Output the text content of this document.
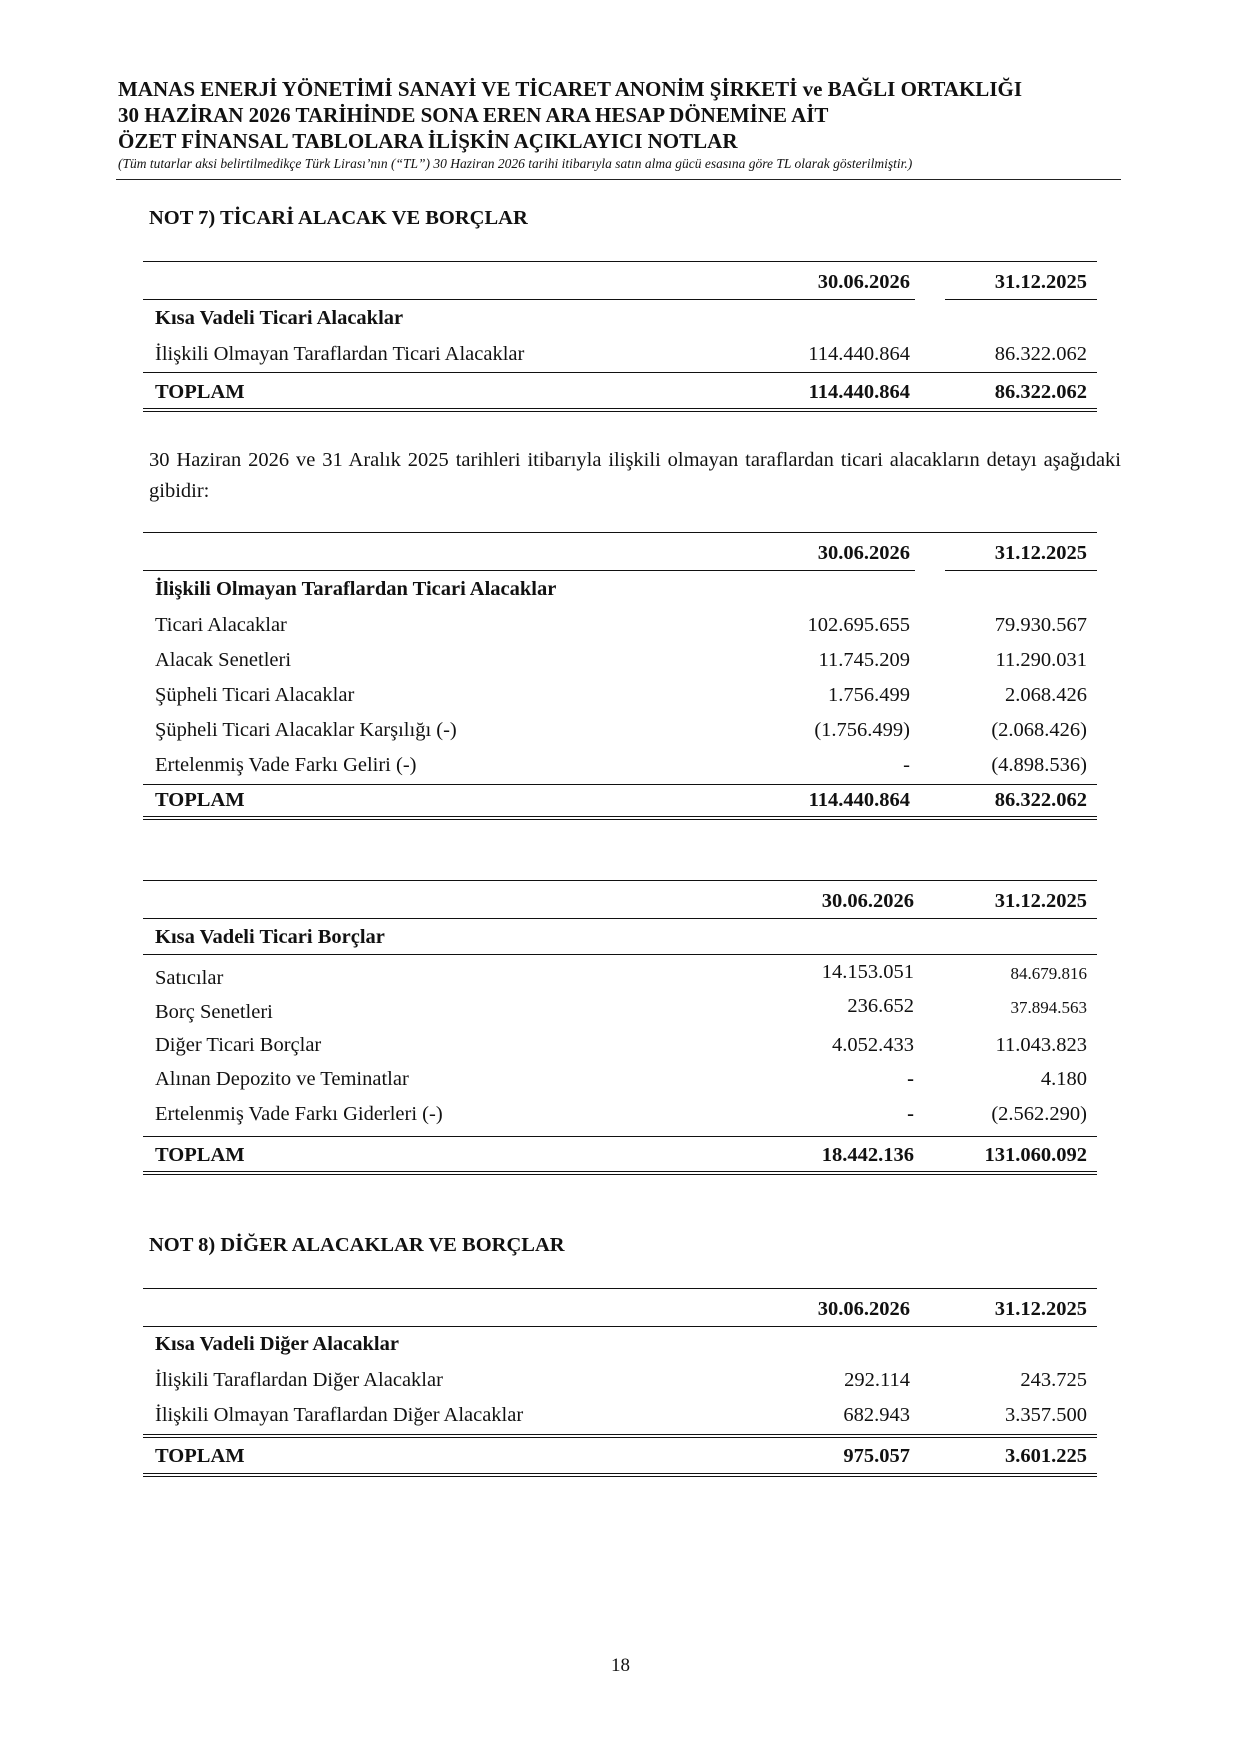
MANAS ENERJİ YÖNETİMİ SANAYİ VE TİCARET ANONİM ŞİRKETİ ve BAĞLI ORTAKLIĞI
30 HAZİRAN 2026 TARİHİNDE SONA EREN ARA HESAP DÖNEMİNE AİT
ÖZET FİNANSAL TABLOLARA İLİŞKİN AÇIKLAYICI NOTLAR
(Tüm tutarlar aksi belirtilmedikçe Türk Lirası’nın (“TL”) 30 Haziran 2026 tarihi itibarıyla satın alma gücü esasına göre TL olarak gösterilmiştir.)
NOT 7) TİCARİ ALACAK VE BORÇLAR
30.06.2026	31.12.2025
Kısa Vadeli Ticari Alacaklar
İlişkili Olmayan Taraflardan Ticari Alacaklar	114.440.864	86.322.062
TOPLAM	114.440.864	86.322.062
30 Haziran 2026 ve 31 Aralık 2025 tarihleri itibarıyla ilişkili olmayan taraflardan ticari alacakların detayı aşağıdaki gibidir:
30.06.2026	31.12.2025
İlişkili Olmayan Taraflardan Ticari Alacaklar
Ticari Alacaklar	102.695.655	79.930.567
Alacak Senetleri	11.745.209	11.290.031
Şüpheli Ticari Alacaklar	1.756.499	2.068.426
Şüpheli Ticari Alacaklar Karşılığı (-)	(1.756.499)	(2.068.426)
Ertelenmiş Vade Farkı Geliri (-)	-	(4.898.536)
TOPLAM	114.440.864	86.322.062
30.06.2026	31.12.2025
Kısa Vadeli Ticari Borçlar
Satıcılar	14.153.051	84.679.816
Borç Senetleri	236.652	37.894.563
Diğer Ticari Borçlar	4.052.433	11.043.823
Alınan Depozito ve Teminatlar	-	4.180
Ertelenmiş Vade Farkı Giderleri (-)	-	(2.562.290)
TOPLAM	18.442.136	131.060.092
NOT 8) DİĞER ALACAKLAR VE BORÇLAR
30.06.2026	31.12.2025
Kısa Vadeli Diğer Alacaklar
İlişkili Taraflardan Diğer Alacaklar	292.114	243.725
İlişkili Olmayan Taraflardan Diğer Alacaklar	682.943	3.357.500
TOPLAM	975.057	3.601.225
18
